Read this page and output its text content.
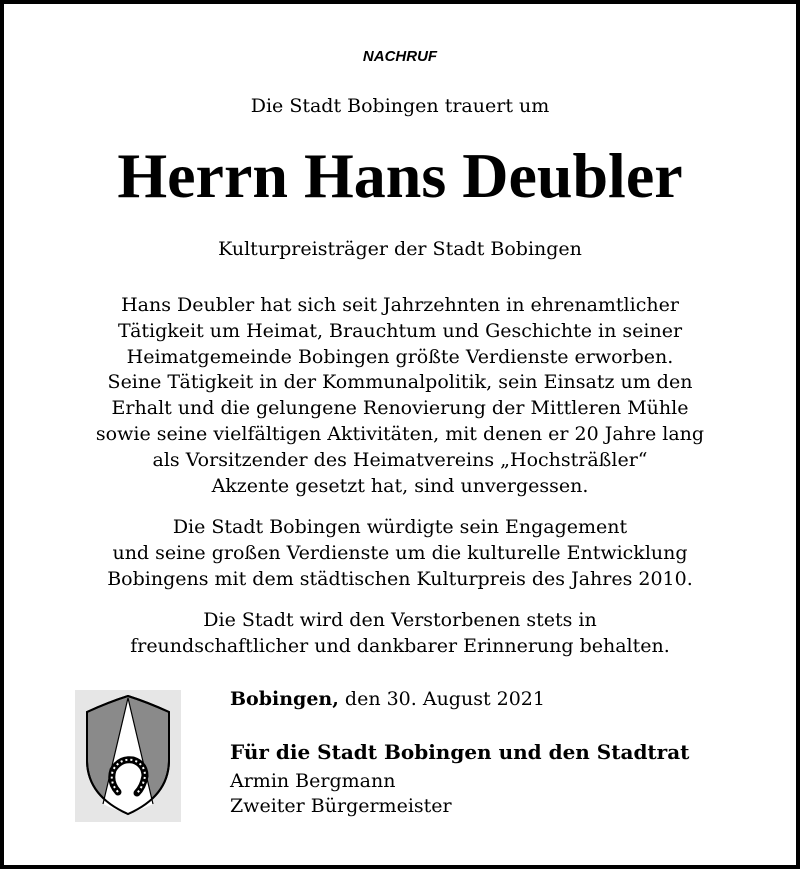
NACHRUF
Die Stadt Bobingen trauert um
Herrn Hans Deubler
Kulturpreisträger der Stadt Bobingen
Hans Deubler hat sich seit Jahrzehnten in ehrenamtlicher
Tätigkeit um Heimat, Brauchtum und Geschichte in seiner
Heimatgemeinde Bobingen größte Verdienste erworben.
Seine Tätigkeit in der Kommunalpolitik, sein Einsatz um den
Erhalt und die gelungene Renovierung der Mittleren Mühle
sowie seine vielfältigen Aktivitäten, mit denen er 20 Jahre lang
als Vorsitzender des Heimatvereins „Hochsträßler“
Akzente gesetzt hat, sind unvergessen.
Die Stadt Bobingen würdigte sein Engagement
und seine großen Verdienste um die kulturelle Entwicklung
Bobingens mit dem städtischen Kulturpreis des Jahres 2010.
Die Stadt wird den Verstorbenen stets in
freundschaftlicher und dankbarer Erinnerung behalten.
Bobingen, den 30. August 2021
Für die Stadt Bobingen und den Stadtrat
Armin Bergmann
Zweiter Bürgermeister
